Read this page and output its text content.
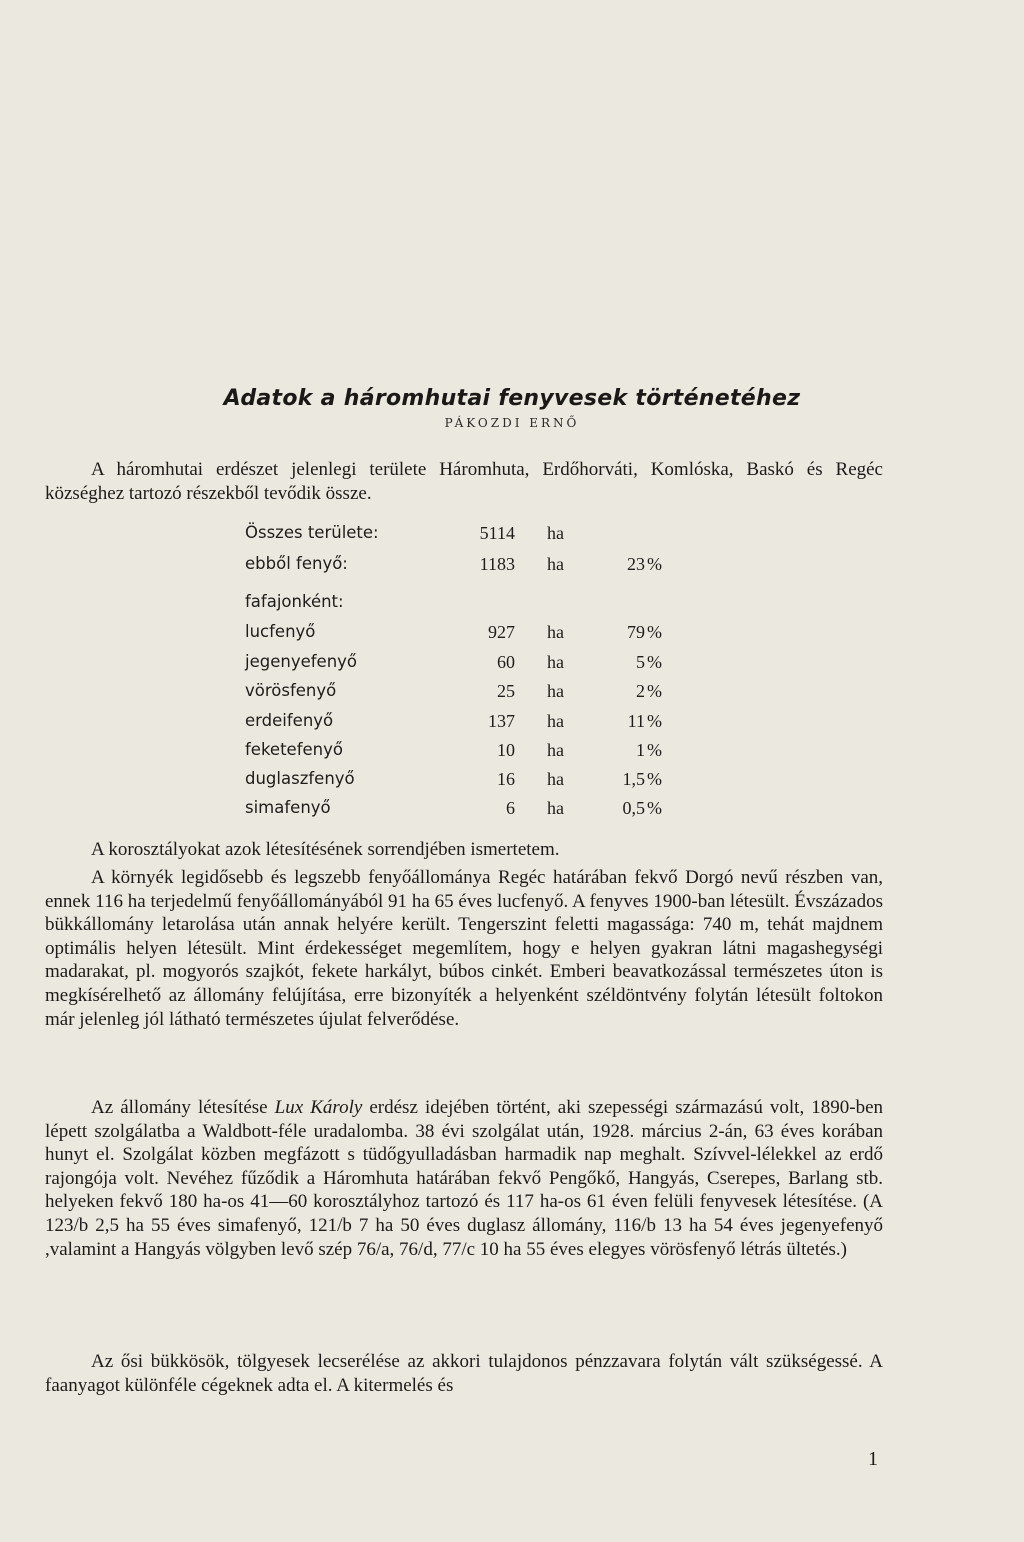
Adatok a háromhutai fenyvesek történetéhez
PÁKOZDI ERNŐ
A háromhutai erdészet jelenlegi területe Háromhuta, Erdőhorváti, Komlóska, Baskó és Regéc községhez tartozó részekből tevődik össze.
Összes területe:	5114 ha
ebből fenyő:	1183 ha	23 %
fafajonként:
lucfenyő	927 ha	79 %
jegenyefenyő	60 ha	5 %
vörösfenyő	25 ha	2 %
erdeifenyő	137 ha	11 %
feketefenyő	10 ha	1 %
duglaszfenyő	16 ha	1,5 %
simafenyő	6 ha	0,5 %
A korosztályokat azok létesítésének sorrendjében ismertetem.
A környék legidősebb és legszebb fenyőállománya Regéc határában fekvő Dorgó nevű részben van, ennek 116 ha terjedelmű fenyőállományából 91 ha 65 éves lucfenyő. A fenyves 1900-ban létesült. Évszázados bükkállomány letarolása után annak helyére került. Tengerszint feletti magassága: 740 m, tehát majdnem optimális helyen létesült. Mint érdekességet megemlítem, hogy e helyen gyakran látni magashegységi madarakat, pl. mogyorós szajkót, fekete harkályt, búbos cinkét. Emberi beavatkozással természetes úton is megkísérelhető az állomány felújítása, erre bizonyíték a helyenként széldöntvény folytán létesült foltokon már jelenleg jól látható természetes újulat felverődése.
Az állomány létesítése Lux Károly erdész idejében történt, aki szepességi származású volt, 1890-ben lépett szolgálatba a Waldbott-féle uradalomba. 38 évi szolgálat után, 1928. március 2-án, 63 éves korában hunyt el. Szolgálat közben megfázott s tüdőgyulladásban harmadik nap meghalt. Szívvel-lélekkel az erdő rajongója volt. Nevéhez fűződik a Háromhuta határában fekvő Pengőkő, Hangyás, Cserepes, Barlang stb. helyeken fekvő 180 ha-os 41—60 korosztályhoz tartozó és 117 ha-os 61 éven felüli fenyvesek létesítése. (A 123/b 2,5 ha 55 éves simafenyő, 121/b 7 ha 50 éves duglasz állomány, 116/b 13 ha 54 éves jegenyefenyő ,valamint a Hangyás völgyben levő szép 76/a, 76/d, 77/c 10 ha 55 éves elegyes vörösfenyő létrás ültetés.)
Az ősi bükkösök, tölgyesek lecserélése az akkori tulajdonos pénzzavara folytán vált szükségessé. A faanyagot különféle cégeknek adta el. A kitermelés és
1
